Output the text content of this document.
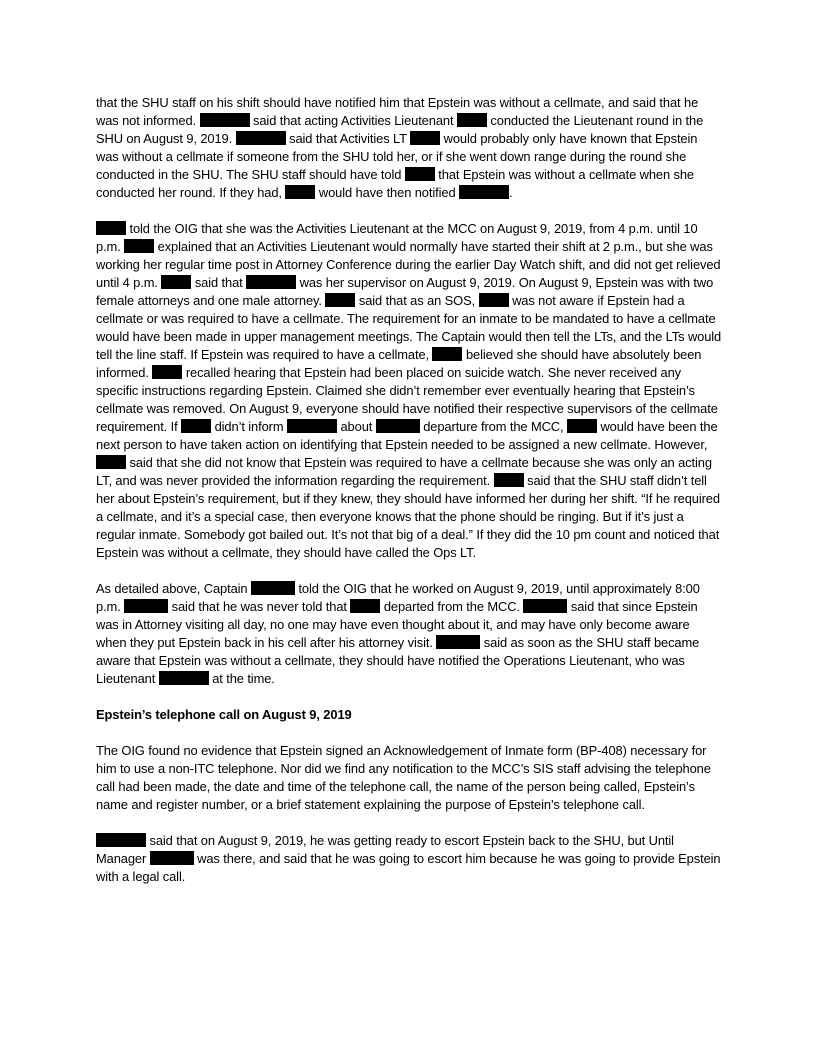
that the SHU staff on his shift should have notified him that Epstein was without a cellmate, and said that he was not informed.	said that acting Activities Lieutenant	conducted the Lieutenant round in the SHU on August 9, 2019.	said that Activities LT	would probably only have known that Epstein was without a cellmate if someone from the SHU told her, or if she went down range during the round she conducted in the SHU. The SHU staff should have told	that Epstein was without a cellmate when she conducted her round. If they had,	would have then notified	.

told the OIG that she was the Activities Lieutenant at the MCC on August 9, 2019, from 4 p.m. until 10 p.m.	explained that an Activities Lieutenant would normally have started their shift at 2 p.m., but she was working her regular time post in Attorney Conference during the earlier Day Watch shift, and did not get relieved until 4 p.m.	said that	was her supervisor on August 9, 2019. On August 9, Epstein was with two female attorneys and one male attorney.	said that as an SOS,	was not aware if Epstein had a cellmate or was required to have a cellmate. The requirement for an inmate to be mandated to have a cellmate would have been made in upper management meetings. The Captain would then tell the LTs, and the LTs would tell the line staff. If Epstein was required to have a cellmate,	believed she should have absolutely been informed.	recalled hearing that Epstein had been placed on suicide watch. She never received any specific instructions regarding Epstein. Claimed she didn’t remember ever eventually hearing that Epstein’s cellmate was removed. On August 9, everyone should have notified their respective supervisors of the cellmate requirement. If	didn’t inform	about	departure from the MCC,	would have been the next person to have taken action on identifying that Epstein needed to be assigned a new cellmate. However,  said that she did not know that Epstein was required to have a cellmate because she was only an acting LT, and was never provided the information regarding the requirement.	said that the SHU staff didn’t tell her about Epstein’s requirement, but if they knew, they should have informed her during her shift. “If he required a cellmate, and it’s a special case, then everyone knows that the phone should be ringing. But if it’s just a regular inmate. Somebody got bailed out. It’s not that big of a deal.” If they did the 10 pm count and noticed that Epstein was without a cellmate, they should have called the Ops LT.

As detailed above, Captain	told the OIG that he worked on August 9, 2019, until approximately 8:00 p.m.	said that he was never told that	departed from the MCC.	said that since Epstein was in Attorney visiting all day, no one may have even thought about it, and may have only become aware when they put Epstein back in his cell after his attorney visit.	said as soon as the SHU staff became aware that Epstein was without a cellmate, they should have notified the Operations Lieutenant, who was Lieutenant	at the time.

Epstein’s telephone call on August 9, 2019

The OIG found no evidence that Epstein signed an Acknowledgement of Inmate form (BP-408) necessary for him to use a non-ITC telephone. Nor did we find any notification to the MCC’s SIS staff advising the telephone call had been made, the date and time of the telephone call, the name of the person being called, Epstein’s name and register number, or a brief statement explaining the purpose of Epstein’s telephone call.

said that on August 9, 2019, he was getting ready to escort Epstein back to the SHU, but Until Manager	was there, and said that he was going to escort him because he was going to provide Epstein with a legal call.
